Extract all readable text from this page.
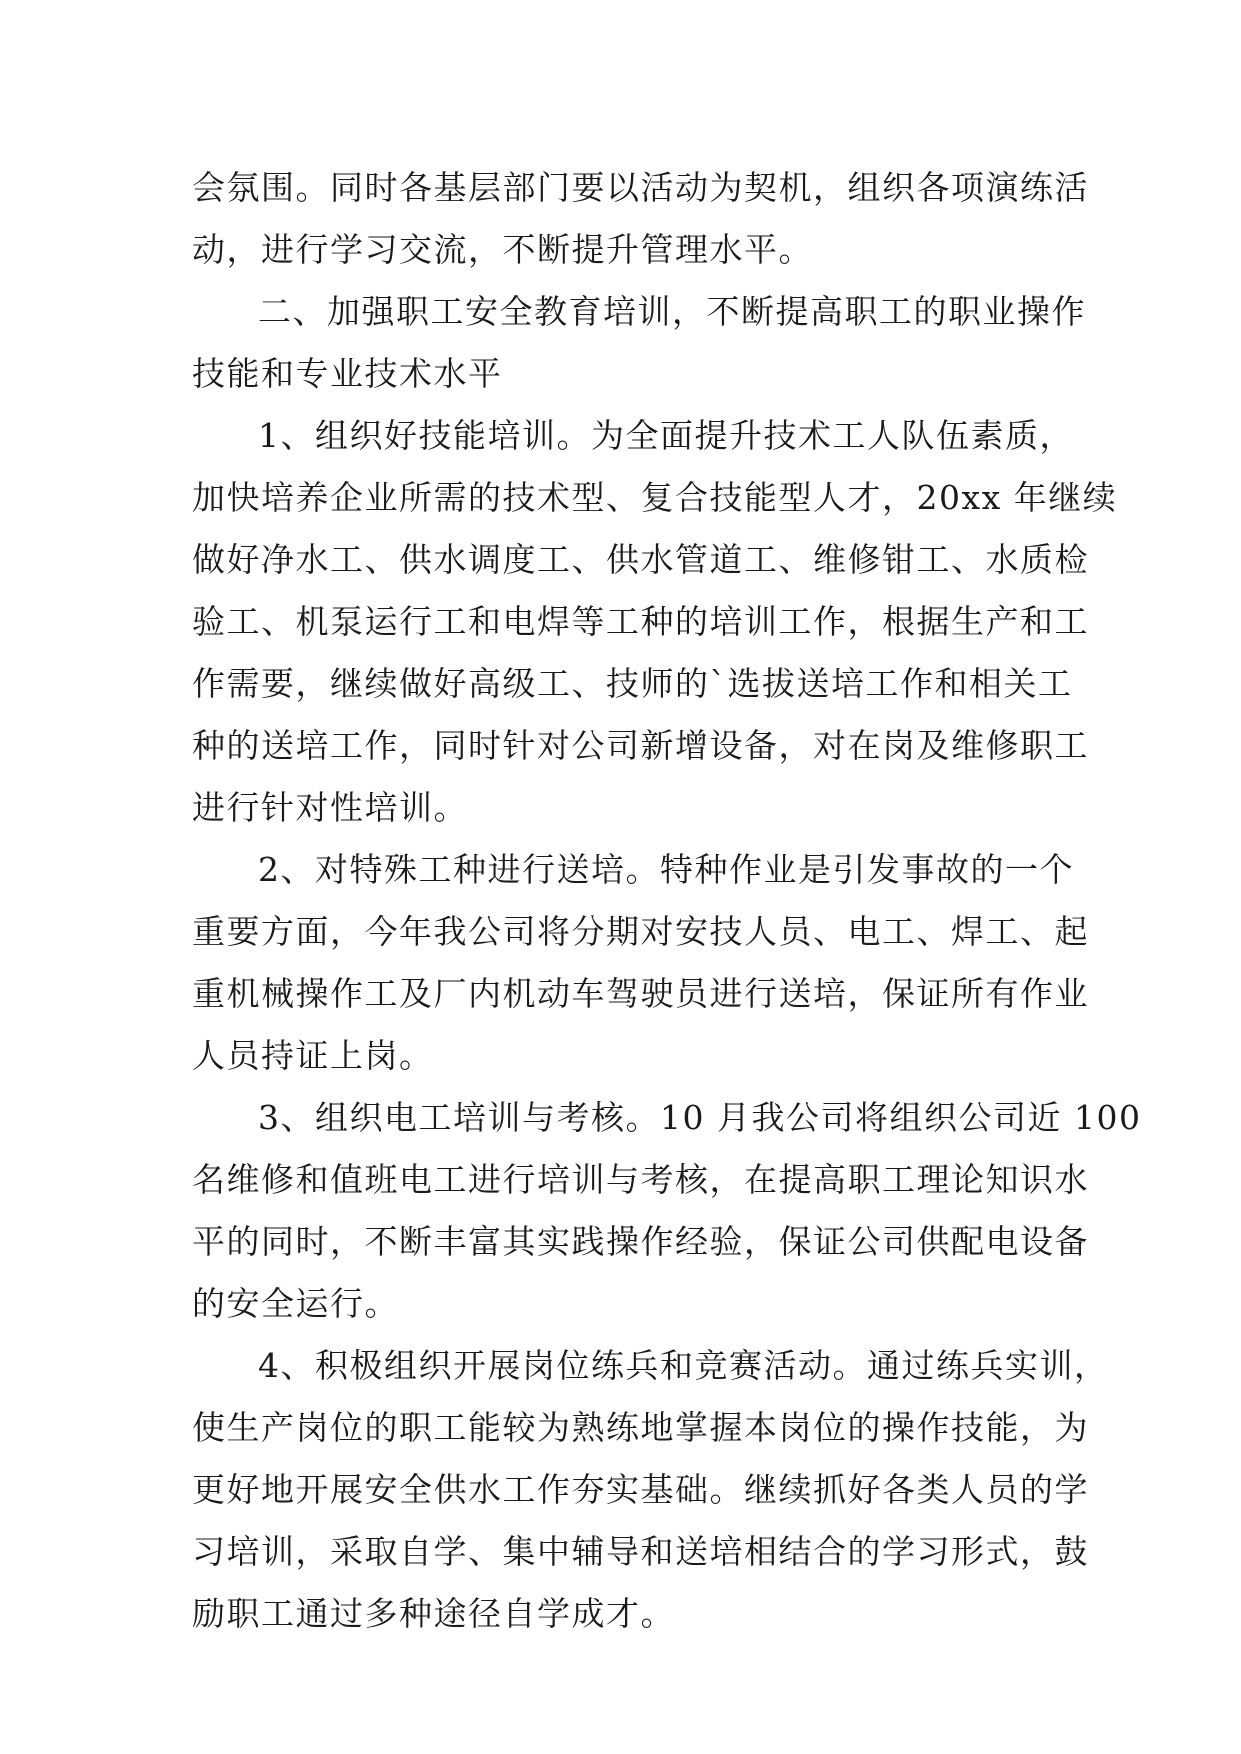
会氛围。同时各基层部门要以活动为契机，组织各项演练活
动，进行学习交流，不断提升管理水平。
二、加强职工安全教育培训，不断提高职工的职业操作
技能和专业技术水平
1、组织好技能培训。为全面提升技术工人队伍素质，
加快培养企业所需的技术型、复合技能型人才，20xx 年继续
做好净水工、供水调度工、供水管道工、维修钳工、水质检
验工、机泵运行工和电焊等工种的培训工作，根据生产和工
作需要，继续做好高级工、技师的`选拔送培工作和相关工
种的送培工作，同时针对公司新增设备，对在岗及维修职工
进行针对性培训。
2、对特殊工种进行送培。特种作业是引发事故的一个
重要方面，今年我公司将分期对安技人员、电工、焊工、起
重机械操作工及厂内机动车驾驶员进行送培，保证所有作业
人员持证上岗。
3、组织电工培训与考核。10 月我公司将组织公司近 100
名维修和值班电工进行培训与考核，在提高职工理论知识水
平的同时，不断丰富其实践操作经验，保证公司供配电设备
的安全运行。
4、积极组织开展岗位练兵和竞赛活动。通过练兵实训，
使生产岗位的职工能较为熟练地掌握本岗位的操作技能，为
更好地开展安全供水工作夯实基础。继续抓好各类人员的学
习培训，采取自学、集中辅导和送培相结合的学习形式，鼓
励职工通过多种途径自学成才。
